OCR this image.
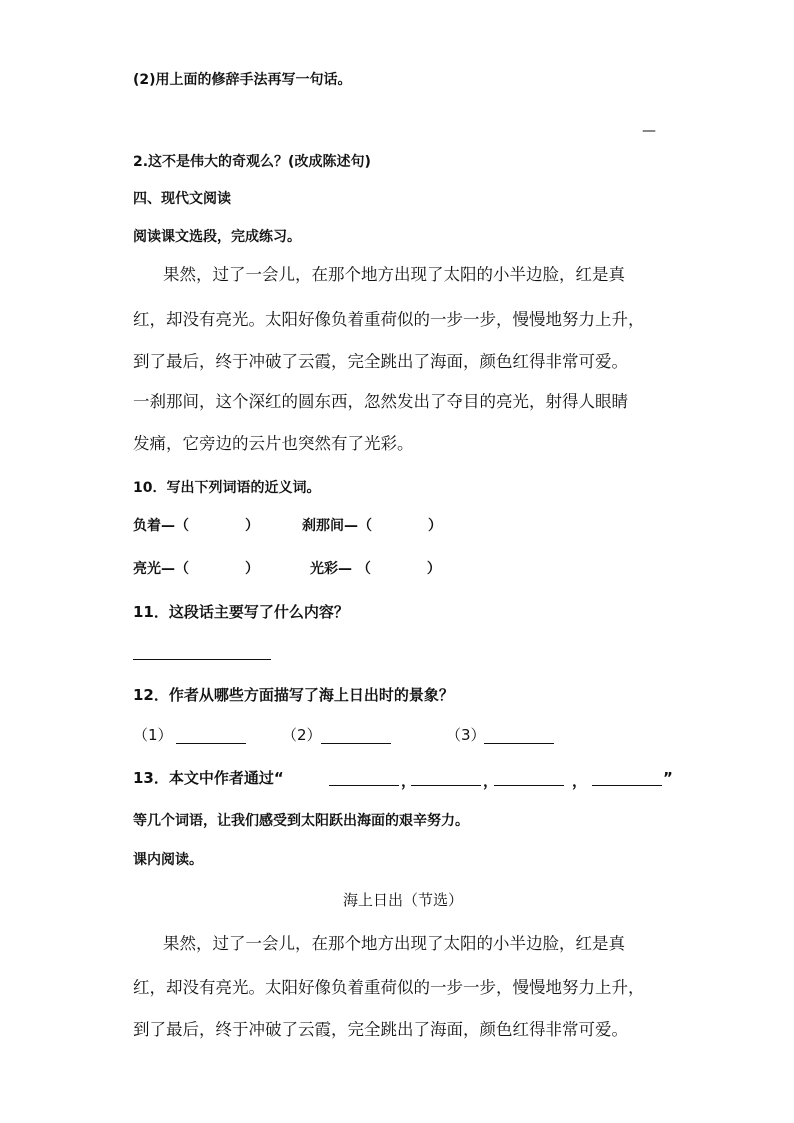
(2)用上面的修辞手法再写一句话。
—
2.这不是伟大的奇观么？(改成陈述句)
四、现代文阅读
阅读课文选段，完成练习。
果然，过了一会儿，在那个地方出现了太阳的小半边脸，红是真
红，却没有亮光。太阳好像负着重荷似的一步一步，慢慢地努力上升，
到了最后，终于冲破了云霞，完全跳出了海面，颜色红得非常可爱。
一刹那间，这个深红的圆东西，忽然发出了夺目的亮光，射得人眼睛
发痛，它旁边的云片也突然有了光彩。
10．写出下列词语的近义词。
负着—（　　　　）	刹那间—（　　　　）
亮光—（　　　　）	光彩— （　　　　）
11．这段话主要写了什么内容？
12．作者从哪些方面描写了海上日出时的景象？
（1）	（2）	（3）
13．本文中作者通过“	，	，	，	”
等几个词语，让我们感受到太阳跃出海面的艰辛努力。
课内阅读。
海上日出（节选）
果然，过了一会儿，在那个地方出现了太阳的小半边脸，红是真
红，却没有亮光。太阳好像负着重荷似的一步一步，慢慢地努力上升，
到了最后，终于冲破了云霞，完全跳出了海面，颜色红得非常可爱。
